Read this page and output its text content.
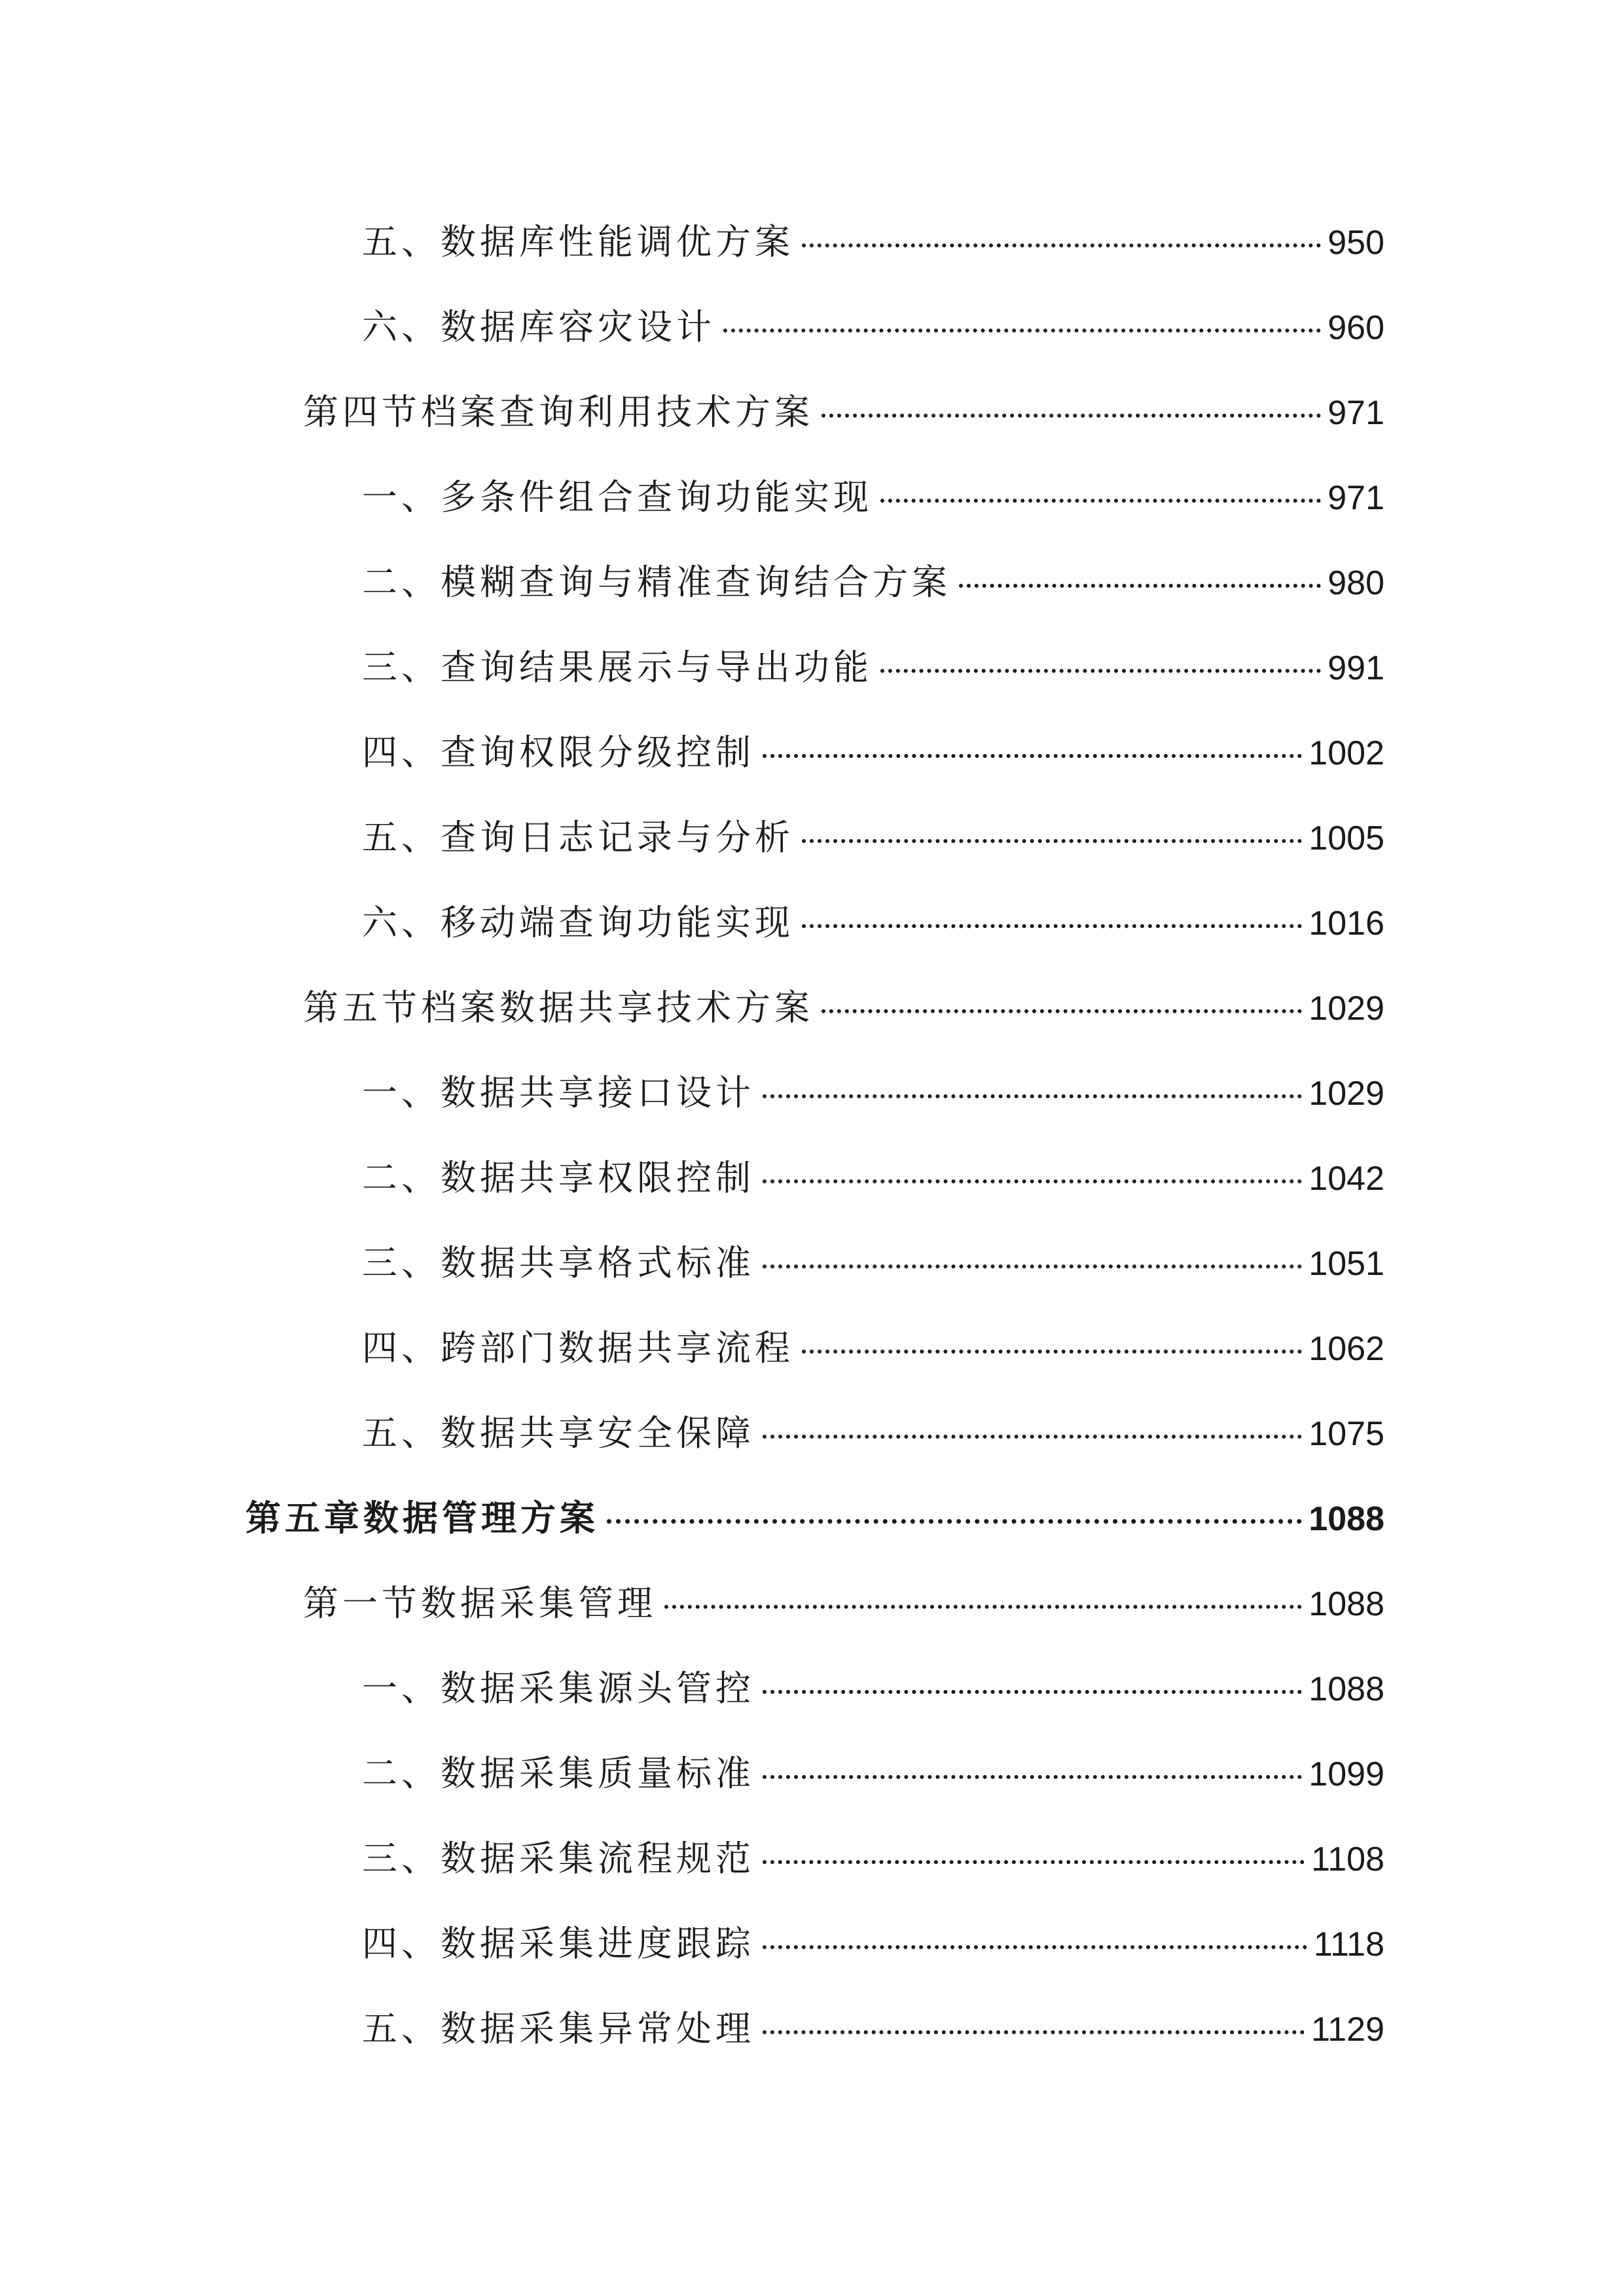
五、数据库性能调优方案	950
六、数据库容灾设计	960
第四节档案查询利用技术方案	971
一、多条件组合查询功能实现	971
二、模糊查询与精准查询结合方案	980
三、查询结果展示与导出功能	991
四、查询权限分级控制	1002
五、查询日志记录与分析	1005
六、移动端查询功能实现	1016
第五节档案数据共享技术方案	1029
一、数据共享接口设计	1029
二、数据共享权限控制	1042
三、数据共享格式标准	1051
四、跨部门数据共享流程	1062
五、数据共享安全保障	1075
第五章数据管理方案	1088
第一节数据采集管理	1088
一、数据采集源头管控	1088
二、数据采集质量标准	1099
三、数据采集流程规范	1108
四、数据采集进度跟踪	1118
五、数据采集异常处理	1129
